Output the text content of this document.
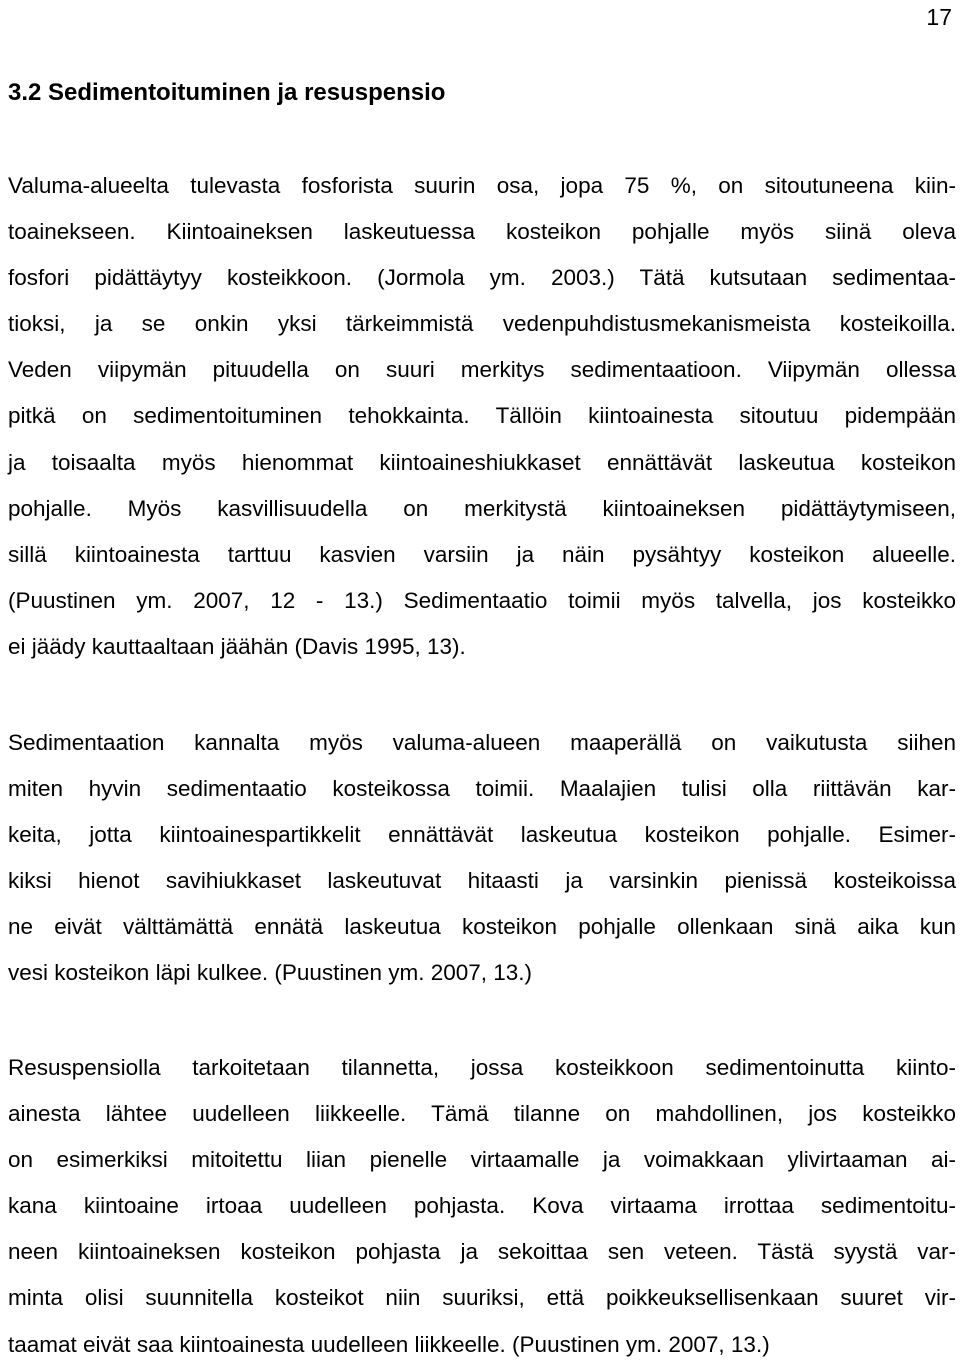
17
3.2 Sedimentoituminen ja resuspensio

Valuma-alueelta tulevasta fosforista suurin osa, jopa 75 %, on sitoutuneena kiin-
toainekseen. Kiintoaineksen laskeutuessa kosteikon pohjalle myös siinä oleva
fosfori pidättäytyy kosteikkoon. (Jormola ym. 2003.) Tätä kutsutaan sedimentaa-
tioksi, ja se onkin yksi tärkeimmistä vedenpuhdistusmekanismeista kosteikoilla.
Veden viipymän pituudella on suuri merkitys sedimentaatioon. Viipymän ollessa
pitkä on sedimentoituminen tehokkainta. Tällöin kiintoainesta sitoutuu pidempään
ja toisaalta myös hienommat kiintoaineshiukkaset ennättävät laskeutua kosteikon
pohjalle. Myös kasvillisuudella on merkitystä kiintoaineksen pidättäytymiseen,
sillä kiintoainesta tarttuu kasvien varsiin ja näin pysähtyy kosteikon alueelle.
(Puustinen ym. 2007, 12 - 13.) Sedimentaatio toimii myös talvella, jos kosteikko
ei jäädy kauttaaltaan jäähän (Davis 1995, 13).

Sedimentaation kannalta myös valuma-alueen maaperällä on vaikutusta siihen
miten hyvin sedimentaatio kosteikossa toimii. Maalajien tulisi olla riittävän kar-
keita, jotta kiintoainespartikkelit ennättävät laskeutua kosteikon pohjalle. Esimer-
kiksi hienot savihiukkaset laskeutuvat hitaasti ja varsinkin pienissä kosteikoissa
ne eivät välttämättä ennätä laskeutua kosteikon pohjalle ollenkaan sinä aika kun
vesi kosteikon läpi kulkee. (Puustinen ym. 2007, 13.)

Resuspensiolla tarkoitetaan tilannetta, jossa kosteikkoon sedimentoinutta kiinto-
ainesta lähtee uudelleen liikkeelle. Tämä tilanne on mahdollinen, jos kosteikko
on esimerkiksi mitoitettu liian pienelle virtaamalle ja voimakkaan ylivirtaaman ai-
kana kiintoaine irtoaa uudelleen pohjasta. Kova virtaama irrottaa sedimentoitu-
neen kiintoaineksen kosteikon pohjasta ja sekoittaa sen veteen. Tästä syystä var-
minta olisi suunnitella kosteikot niin suuriksi, että poikkeuksellisenkaan suuret vir-
taamat eivät saa kiintoainesta uudelleen liikkeelle. (Puustinen ym. 2007, 13.)
